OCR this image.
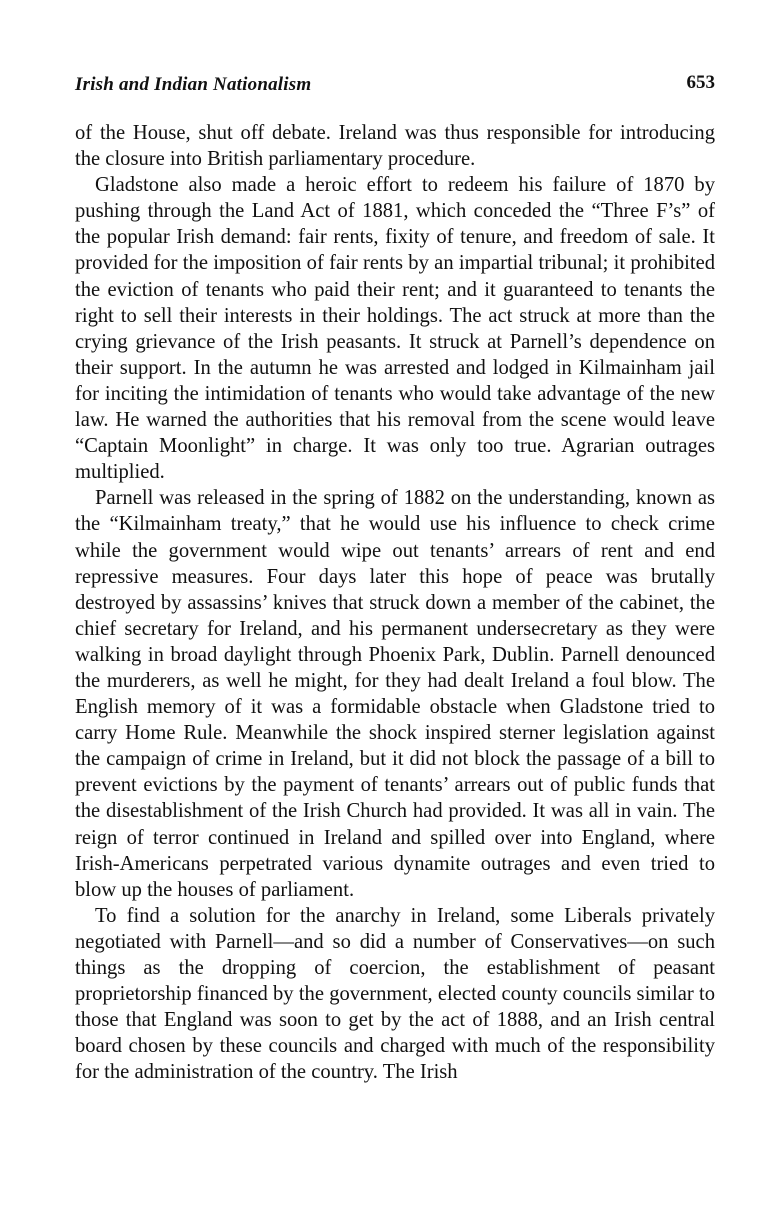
Irish and Indian Nationalism	653

of the House, shut off debate. Ireland was thus responsible for introducing the closure into British parliamentary procedure.

Gladstone also made a heroic effort to redeem his failure of 1870 by pushing through the Land Act of 1881, which conceded the “Three F’s” of the popular Irish demand: fair rents, fixity of tenure, and freedom of sale. It provided for the imposition of fair rents by an impartial tribunal; it prohibited the eviction of tenants who paid their rent; and it guaranteed to tenants the right to sell their interests in their holdings. The act struck at more than the crying grievance of the Irish peasants. It struck at Parnell’s dependence on their support. In the autumn he was arrested and lodged in Kilmainham jail for inciting the intimidation of tenants who would take advantage of the new law. He warned the authorities that his removal from the scene would leave “Captain Moonlight” in charge. It was only too true. Agrarian outrages multiplied.

Parnell was released in the spring of 1882 on the understanding, known as the “Kilmainham treaty,” that he would use his influence to check crime while the government would wipe out tenants’ arrears of rent and end repressive measures. Four days later this hope of peace was brutally destroyed by assassins’ knives that struck down a member of the cabinet, the chief secretary for Ireland, and his permanent undersecretary as they were walking in broad daylight through Phoenix Park, Dublin. Parnell denounced the murderers, as well he might, for they had dealt Ireland a foul blow. The English memory of it was a formidable obstacle when Gladstone tried to carry Home Rule. Meanwhile the shock inspired sterner legislation against the campaign of crime in Ireland, but it did not block the passage of a bill to prevent evictions by the payment of tenants’ arrears out of public funds that the disestablishment of the Irish Church had provided. It was all in vain. The reign of terror continued in Ireland and spilled over into England, where Irish-Americans perpetrated various dynamite outrages and even tried to blow up the houses of parliament.

To find a solution for the anarchy in Ireland, some Liberals privately negotiated with Parnell—and so did a number of Conservatives—on such things as the dropping of coercion, the establishment of peasant proprietorship financed by the government, elected county councils similar to those that England was soon to get by the act of 1888, and an Irish central board chosen by these councils and charged with much of the responsibility for the administration of the country. The Irish
